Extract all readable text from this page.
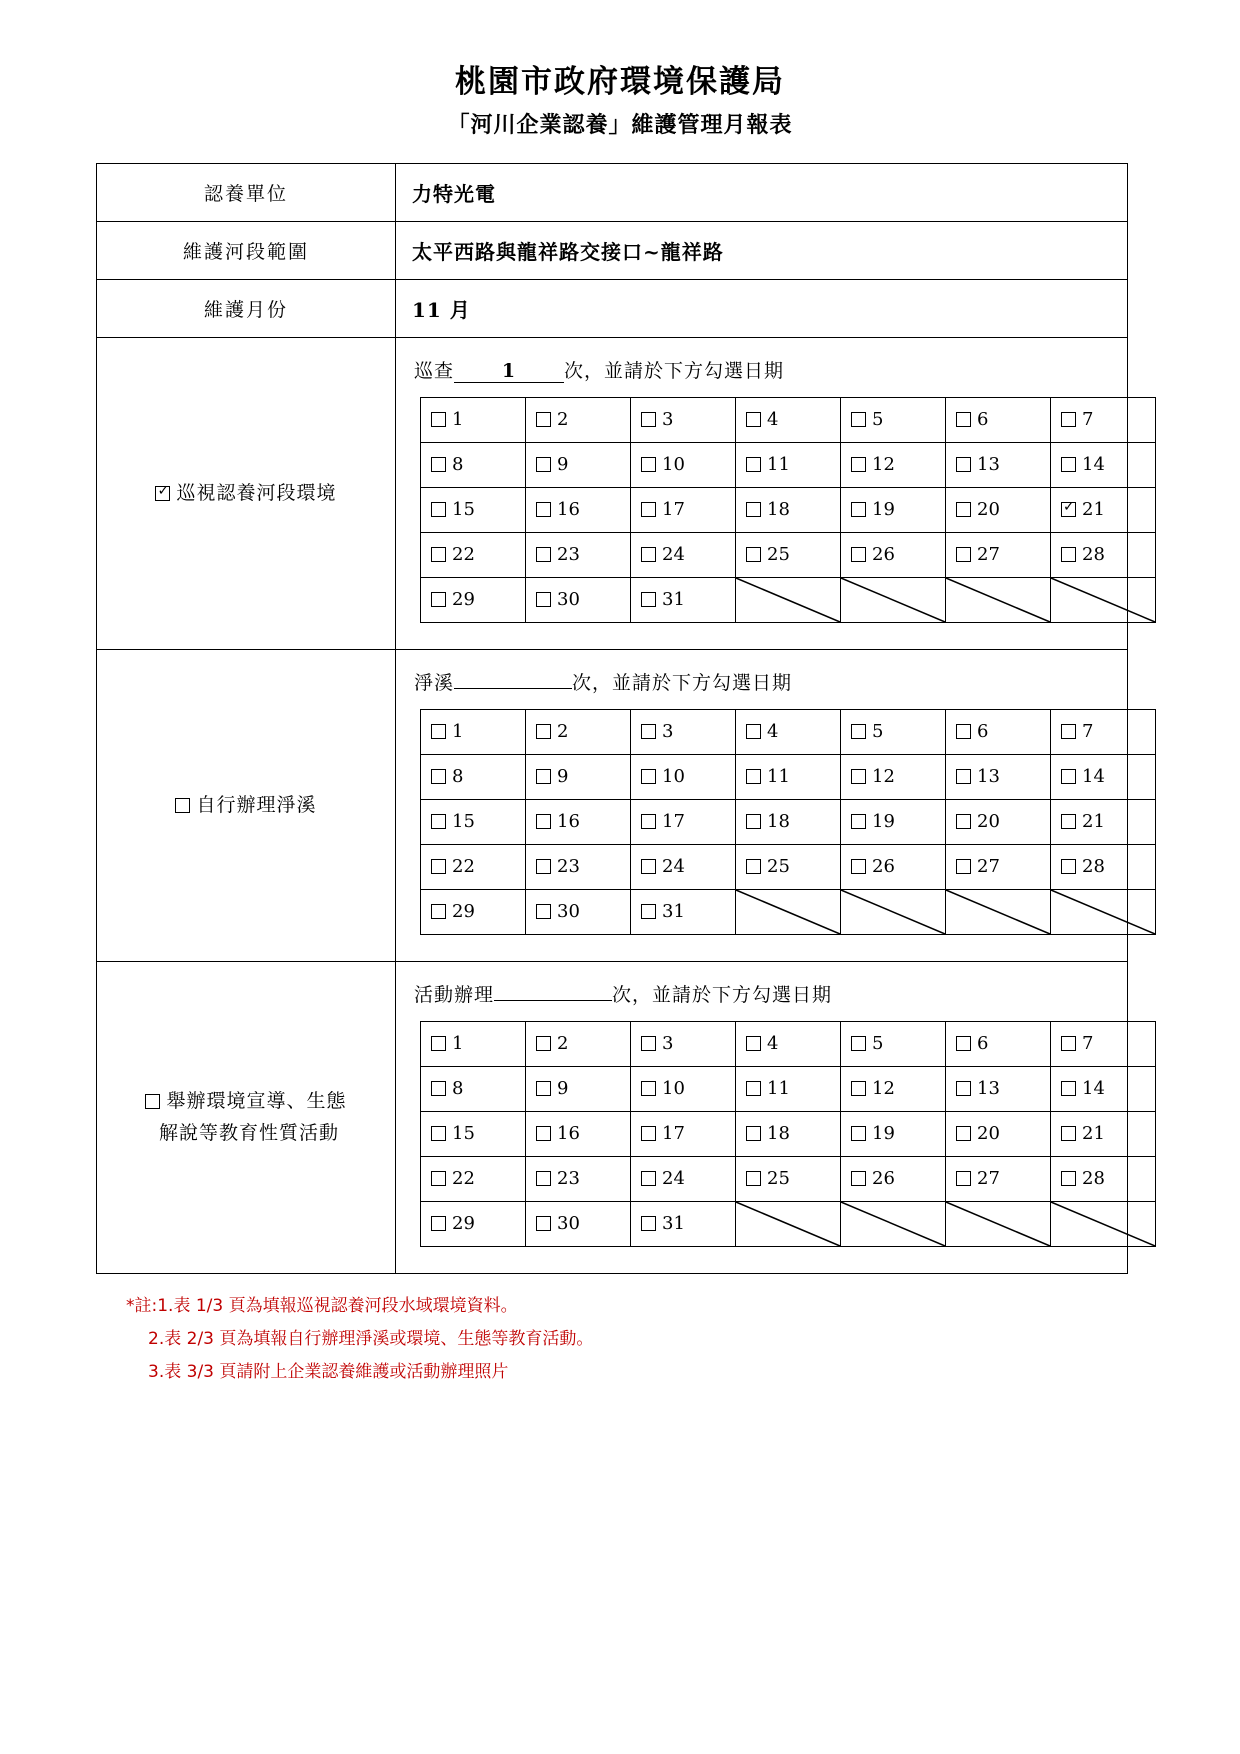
桃園市政府環境保護局
「河川企業認養」維護管理月報表
認養單位	力特光電
維護河段範圍	太平西路與龍祥路交接口~龍祥路
維護月份	11 月
✓巡視認養河段環境	
巡查	1	次，並請於下方勾選日期
1	2	3	4	5	6	7
8	9	10	11	12	13	14
15	16	17	18	19	20	✓21
22	23	24	25	26	27	28
29	30	31	

自行辦理淨溪	
淨溪	次，並請於下方勾選日期
1	2	3	4	5	6	7
8	9	10	11	12	13	14
15	16	17	18	19	20	21
22	23	24	25	26	27	28
29	30	31	

舉辦環境宣導、生態
解說等教育性質活動

活動辦理	次，並請於下方勾選日期
1	2	3	4	5	6	7
8	9	10	11	12	13	14
15	16	17	18	19	20	21
22	23	24	25	26	27	28
29	30	31	

*註:1.表 1/3 頁為填報巡視認養河段水域環境資料。
2.表 2/3 頁為填報自行辦理淨溪或環境、生態等教育活動。
3.表 3/3 頁請附上企業認養維護或活動辦理照片
